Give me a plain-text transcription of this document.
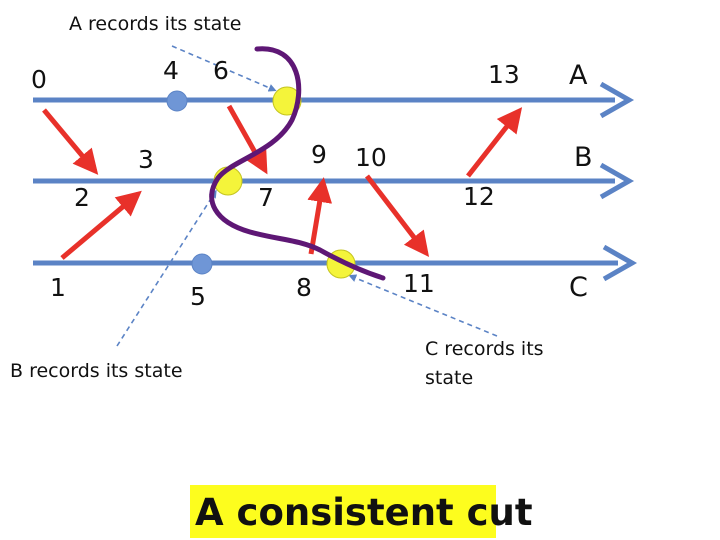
A
B
C
0	4 6	13
3	9 10
2	7	12
1	5	8	11
A records its state
B records its state
C records its
state
A consistent cut
